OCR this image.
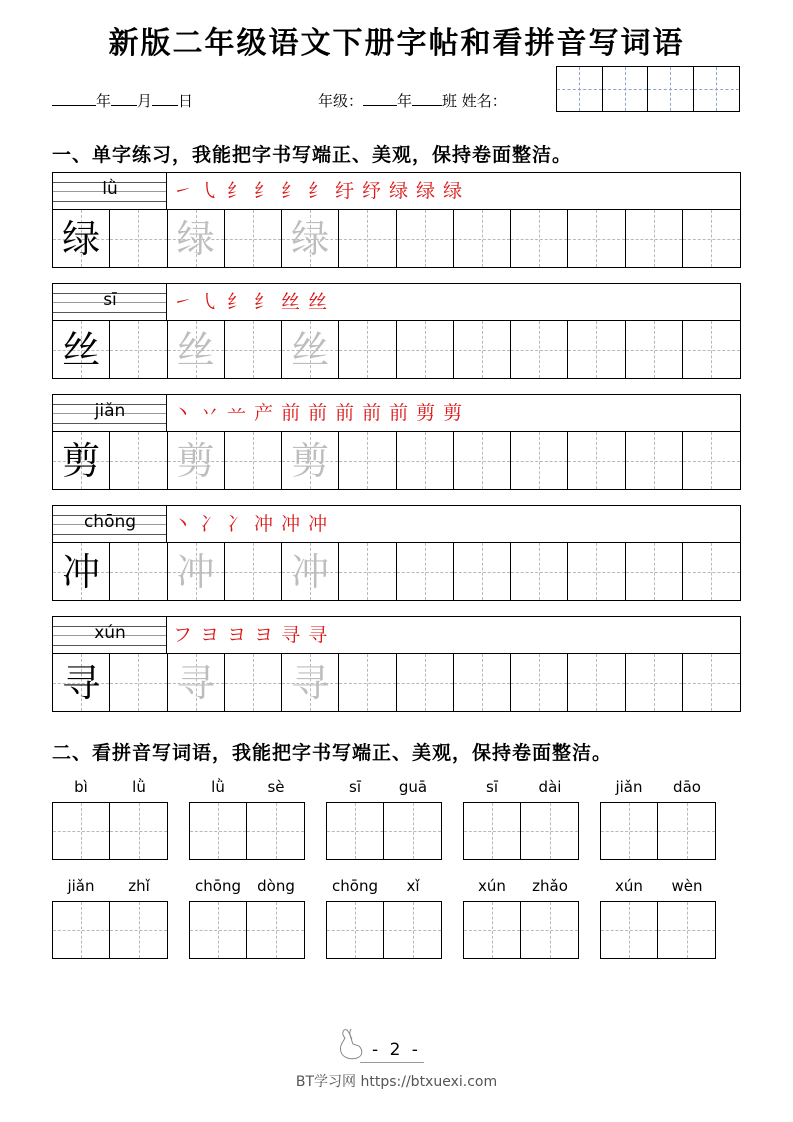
新版二年级语文下册字帖和看拼音写词语
年 月 日	年级： 年 班 姓名：
一、单字练习，我能把字书写端正、美观，保持卷面整洁。
lǜ	㇀㇂纟纟纟纟纡纾绿绿绿
绿 绿 绿
sī	㇀㇂纟纟丝丝
丝 丝 丝
jiǎn	丶丷䒑产前前前前前剪剪
剪 剪 剪
chōng	丶冫冫冲冲冲
冲 冲 冲
xún	フヨヨヨ寻寻
寻 寻 寻
二、看拼音写词语，我能把字书写端正、美观，保持卷面整洁。
bì	lǜ	lǜ	sè	sī	guā	sī	dài	jiǎn	dāo
jiǎn	zhǐ	chōng	dòng	chōng	xǐ	xún	zhǎo	xún	wèn
- 2 -
BT学习网 https://btxuexi.com
